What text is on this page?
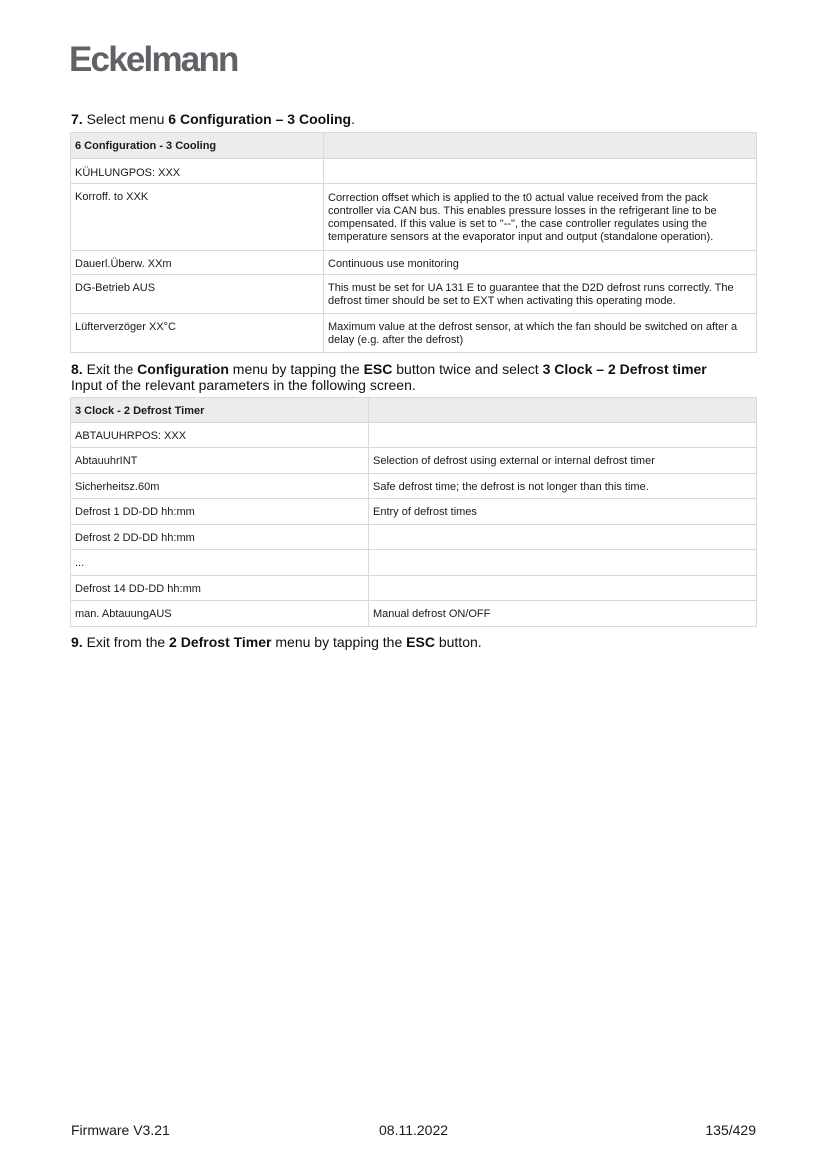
Eckelmann
7. Select menu 6 Configuration – 3 Cooling.
6 Configuration - 3 Cooling	
KÜHLUNGPOS: XXX	
Korroff. to XXK	Correction offset which is applied to the t0 actual value received from the pack controller via CAN bus. This enables pressure losses in the refrigerant line to be compensated. If this value is set to "--", the case controller regulates using the temperature sensors at the evaporator input and output (standalone operation).
Dauerl.Überw. XXm	Continuous use monitoring
DG-Betrieb AUS	This must be set for UA 131 E to guarantee that the D2D defrost runs correctly. The defrost timer should be set to EXT when activating this operating mode.
Lüfterverzöger XX°C	Maximum value at the defrost sensor, at which the fan should be switched on after a delay (e.g. after the defrost)
8. Exit the Configuration menu by tapping the ESC button twice and select 3 Clock – 2 Defrost timer
Input of the relevant parameters in the following screen.
3 Clock - 2 Defrost Timer	
ABTAUUHRPOS: XXX	
AbtauuhrINT	Selection of defrost using external or internal defrost timer
Sicherheitsz.60m	Safe defrost time; the defrost is not longer than this time.
Defrost 1 DD-DD hh:mm	Entry of defrost times
Defrost 2 DD-DD hh:mm	
...	
Defrost 14 DD-DD hh:mm	
man. AbtauungAUS	Manual defrost ON/OFF
9. Exit from the 2 Defrost Timer menu by tapping the ESC button.
Firmware V3.21	08.11.2022	135/429
